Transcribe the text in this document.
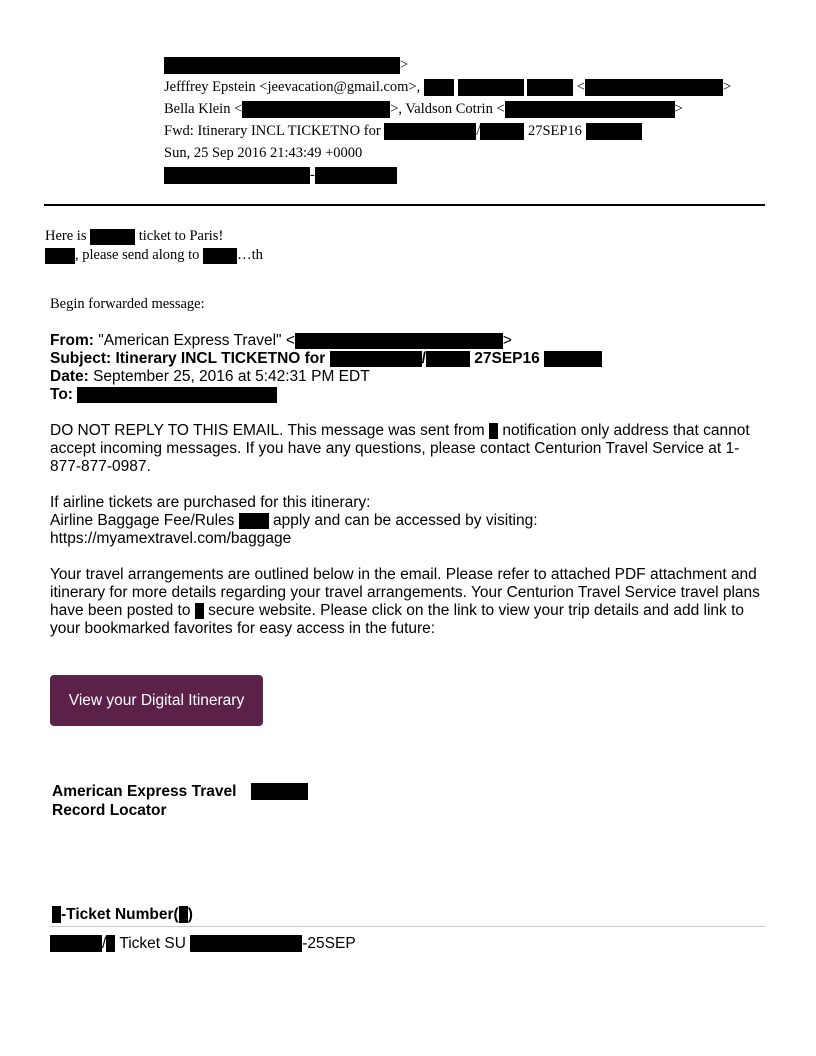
>
Jefffrey Epstein <jeevacation@gmail.com>,	<	>
Bella Klein <	>, Valdson Cotrin <	>
Fwd: Itinerary INCL TICKETNO for	/	27SEP16
Sun, 25 Sep 2016 21:43:49 +0000
-
Here is	ticket to Paris!
, please send along to	…th
Begin forwarded message:

From: "American Express Travel" <	>

Subject: Itinerary INCL TICKETNO for	/	27SEP16

Date: September 25, 2016 at 5:42:31 PM EDT

To:

DO NOT REPLY TO THIS EMAIL. This message was sent from notification only address that cannot accept incoming messages. If you have any questions, please contact Centurion Travel Service at 1-877-877-0987.

If airline tickets are purchased for this itinerary:
Airline Baggage Fee/Rules apply and can be accessed by visiting:
https://myamextravel.com/baggage

Your travel arrangements are outlined below in the email. Please refer to attached PDF attachment and itinerary for more details regarding your travel arrangements. Your Centurion Travel Service travel plans have been posted to secure website. Please click on the link to view your trip details and add link to your bookmarked favorites for easy access in the future:

View your Digital Itinerary
American Express Travel
Record Locator
-Ticket Number( )
/ Ticket SU	-25SEP
